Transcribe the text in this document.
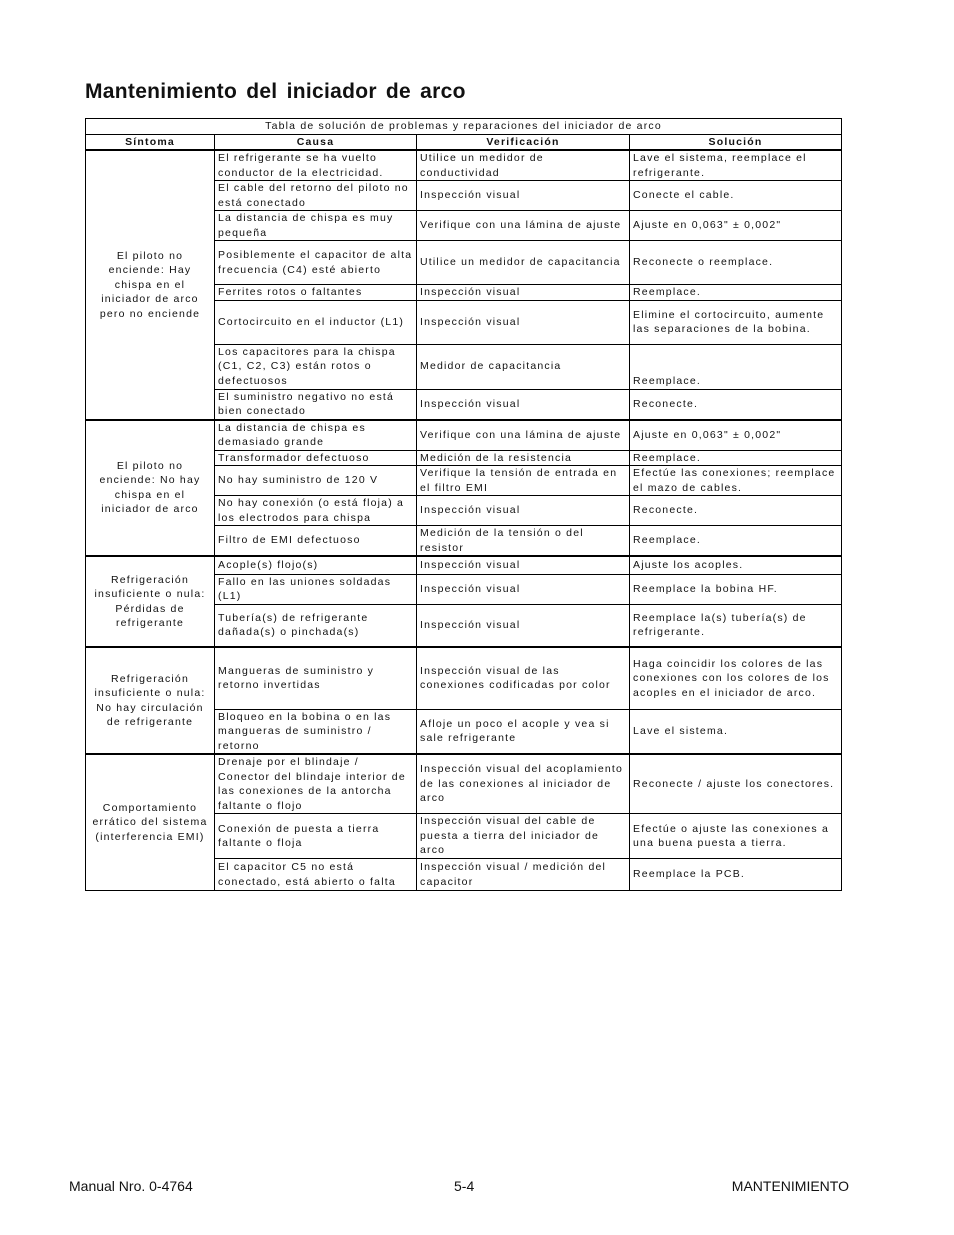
Mantenimiento del iniciador de arco
Tabla de solución de problemas y reparaciones del iniciador de arco			
Síntoma	Causa	Verificación	Solución
El piloto no enciende: Hay chispa en el iniciador de arco pero no enciende	El refrigerante se ha vuelto conductor de la electricidad.	Utilice un medidor de conductividad	Lave el sistema, reemplace el refrigerante.
	El cable del retorno del piloto no está conectado	Inspección visual	Conecte el cable.
	La distancia de chispa es muy pequeña	Verifique con una lámina de ajuste	Ajuste en 0,063" ± 0,002"
	Posiblemente el capacitor de alta frecuencia (C4) esté abierto	Utilice un medidor de capacitancia	Reconecte o reemplace.
	Ferrites rotos o faltantes	Inspección visual	Reemplace.
	Cortocircuito en el inductor (L1)	Inspección visual	Elimine el cortocircuito, aumente las separaciones de la bobina.
	Los capacitores para la chispa (C1, C2, C3) están rotos o defectuosos	Medidor de capacitancia	Reemplace.
	El suministro negativo no está bien conectado	Inspección visual	Reconecte.
El piloto no enciende: No hay chispa en el iniciador de arco	La distancia de chispa es demasiado grande	Verifique con una lámina de ajuste	Ajuste en 0,063" ± 0,002"
	Transformador defectuoso	Medición de la resistencia	Reemplace.
	No hay suministro de 120 V	Verifique la tensión de entrada en el filtro EMI	Efectúe las conexiones; reemplace el mazo de cables.
	No hay conexión (o está floja) a los electrodos para chispa	Inspección visual	Reconecte.
	Filtro de EMI defectuoso	Medición de la tensión o del resistor	Reemplace.
Refrigeración insuficiente o nula: Pérdidas de refrigerante	Acople(s) flojo(s)	Inspección visual	Ajuste los acoples.
	Fallo en las uniones soldadas (L1)	Inspección visual	Reemplace la bobina HF.
	Tubería(s) de refrigerante dañada(s) o pinchada(s)	Inspección visual	Reemplace la(s) tubería(s) de refrigerante.
Refrigeración insuficiente o nula: No hay circulación de refrigerante	Mangueras de suministro y retorno invertidas	Inspección visual de las conexiones codificadas por color	Haga coincidir los colores de las conexiones con los colores de los acoples en el iniciador de arco.
	Bloqueo en la bobina o en las mangueras de suministro / retorno	Afloje un poco el acople y vea si sale refrigerante	Lave el sistema.
Comportamiento errático del sistema (interferencia EMI)	Drenaje por el blindaje / Conector del blindaje interior de las conexiones de la antorcha faltante o flojo	Inspección visual del acoplamiento de las conexiones al iniciador de arco	Reconecte / ajuste los conectores.
	Conexión de puesta a tierra faltante o floja	Inspección visual del cable de puesta a tierra del iniciador de arco	Efectúe o ajuste las conexiones a una buena puesta a tierra.
	El capacitor C5 no está conectado, está abierto o falta	Inspección visual / medición del capacitor	Reemplace la PCB.
Manual Nro. 0-4764	5-4	MANTENIMIENTO
